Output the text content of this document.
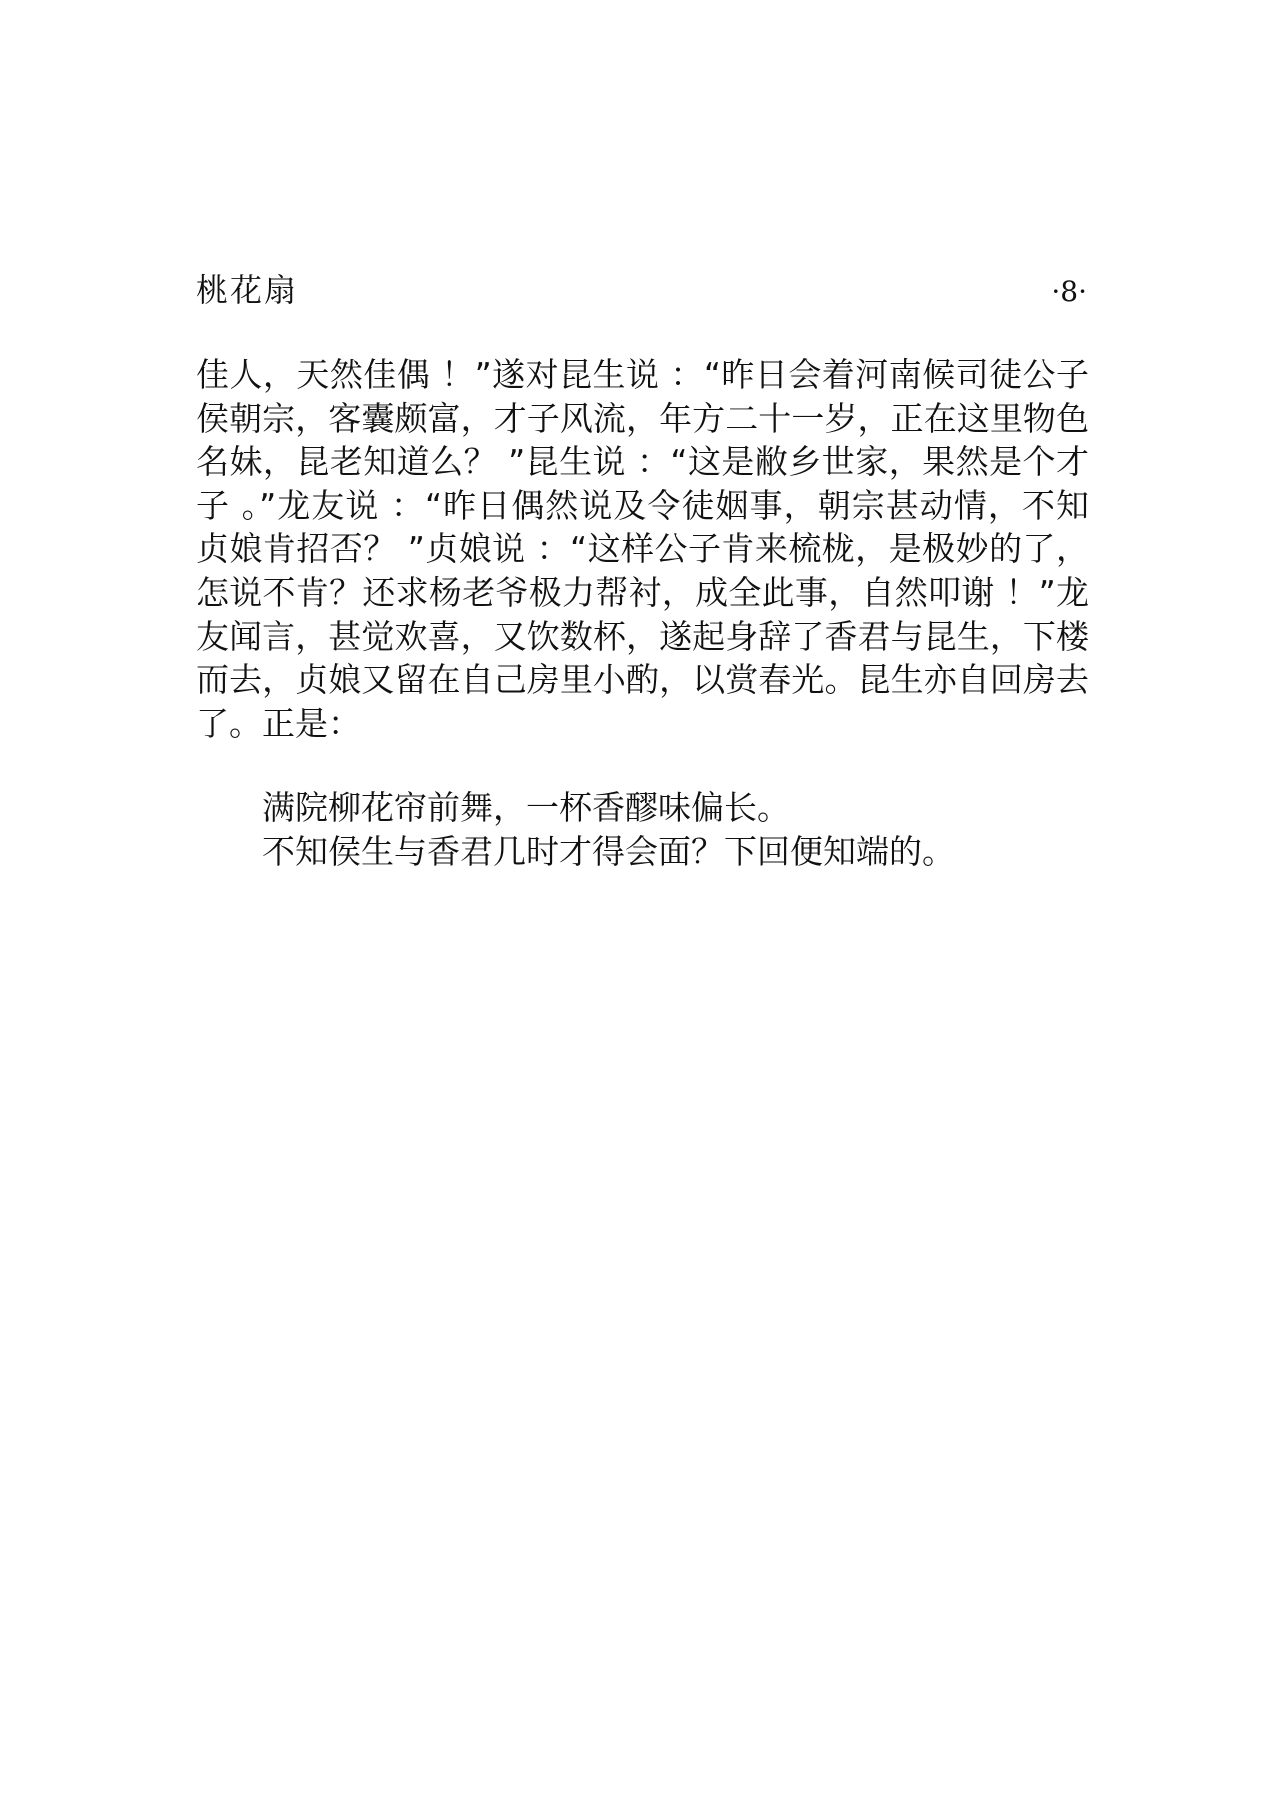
桃花扇	·8·

佳人，天然佳偶 ！”遂对昆生说 ：“昨日会着河南候司徒公子侯朝宗，客囊颇富，才子风流，年方二十一岁，正在这里物色名妹，昆老知道么？ ”昆生说 ：“这是敝乡世家，果然是个才子 。”龙友说 ：“昨日偶然说及令徒姻事，朝宗甚动情，不知贞娘肯招否？ ”贞娘说 ：“这样公子肯来梳栊，是极妙的了，怎说不肯？还求杨老爷极力帮衬，成全此事，自然叩谢 ！”龙友闻言，甚觉欢喜，又饮数杯，遂起身辞了香君与昆生，下楼而去，贞娘又留在自己房里小酌，以赏春光。昆生亦自回房去了。正是：

满院柳花帘前舞，一杯香醪味偏长。
不知侯生与香君几时才得会面？下回便知端的。
